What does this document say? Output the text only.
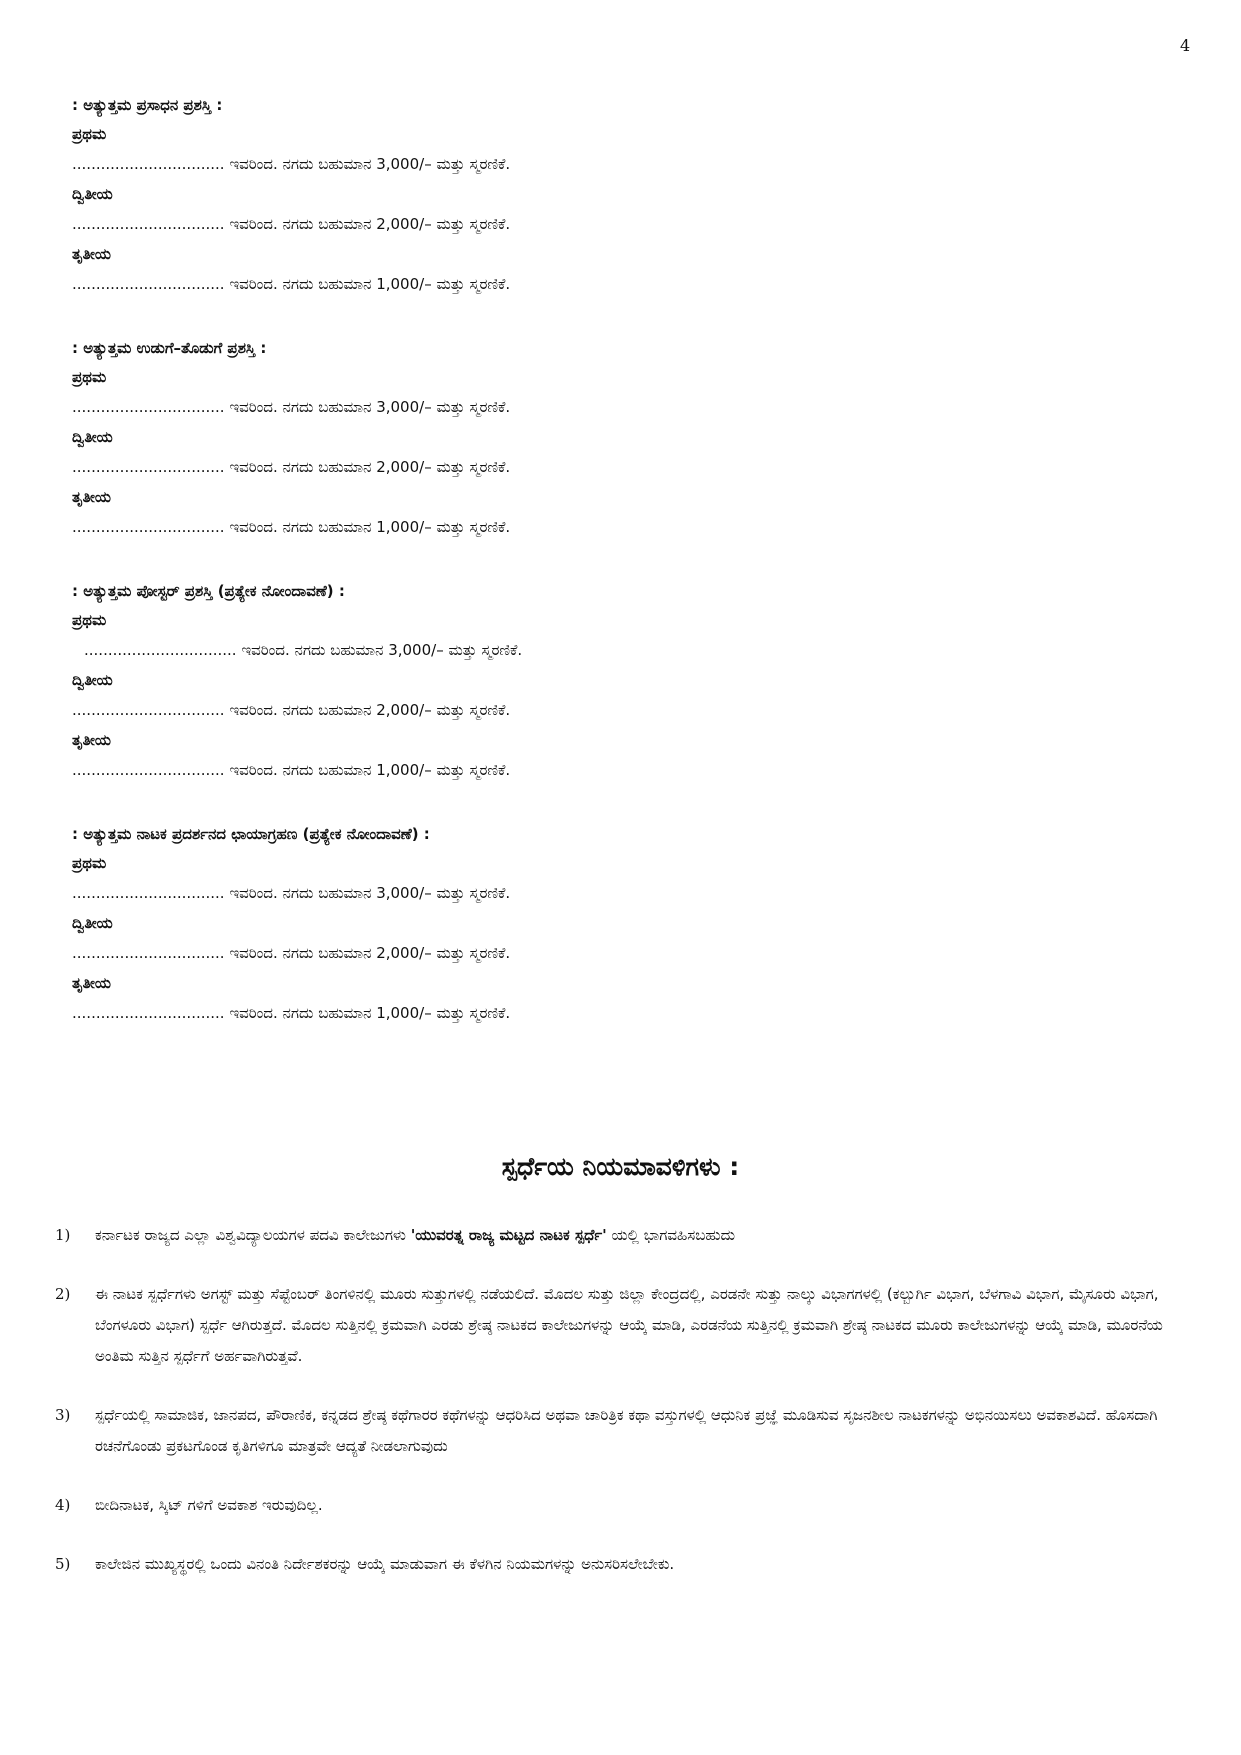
4
: ಅತ್ಯುತ್ತಮ ಪ್ರಸಾಧನ ಪ್ರಶಸ್ತಿ :
ಪ್ರಥಮ
................................ ಇವರಿಂದ. ನಗದು ಬಹುಮಾನ 3,000/– ಮತ್ತು ಸ್ಮರಣಿಕೆ.
ದ್ವಿತೀಯ
................................ ಇವರಿಂದ. ನಗದು ಬಹುಮಾನ 2,000/– ಮತ್ತು ಸ್ಮರಣಿಕೆ.
ತೃತೀಯ
................................ ಇವರಿಂದ. ನಗದು ಬಹುಮಾನ 1,000/– ಮತ್ತು ಸ್ಮರಣಿಕೆ.
: ಅತ್ಯುತ್ತಮ ಉಡುಗೆ–ತೊಡುಗೆ ಪ್ರಶಸ್ತಿ :
ಪ್ರಥಮ
................................ ಇವರಿಂದ. ನಗದು ಬಹುಮಾನ 3,000/– ಮತ್ತು ಸ್ಮರಣಿಕೆ.
ದ್ವಿತೀಯ
................................ ಇವರಿಂದ. ನಗದು ಬಹುಮಾನ 2,000/– ಮತ್ತು ಸ್ಮರಣಿಕೆ.
ತೃತೀಯ
................................ ಇವರಿಂದ. ನಗದು ಬಹುಮಾನ 1,000/– ಮತ್ತು ಸ್ಮರಣಿಕೆ.
: ಅತ್ಯುತ್ತಮ ಪೋಸ್ಟರ್ ಪ್ರಶಸ್ತಿ (ಪ್ರತ್ಯೇಕ ನೋಂದಾವಣೆ) :
ಪ್ರಥಮ
................................ ಇವರಿಂದ. ನಗದು ಬಹುಮಾನ 3,000/– ಮತ್ತು ಸ್ಮರಣಿಕೆ.
ದ್ವಿತೀಯ
................................ ಇವರಿಂದ. ನಗದು ಬಹುಮಾನ 2,000/– ಮತ್ತು ಸ್ಮರಣಿಕೆ.
ತೃತೀಯ
................................ ಇವರಿಂದ. ನಗದು ಬಹುಮಾನ 1,000/– ಮತ್ತು ಸ್ಮರಣಿಕೆ.
: ಅತ್ಯುತ್ತಮ ನಾಟಕ ಪ್ರದರ್ಶನದ ಛಾಯಾಗ್ರಹಣ (ಪ್ರತ್ಯೇಕ ನೋಂದಾವಣೆ) :
ಪ್ರಥಮ
................................ ಇವರಿಂದ. ನಗದು ಬಹುಮಾನ 3,000/– ಮತ್ತು ಸ್ಮರಣಿಕೆ.
ದ್ವಿತೀಯ
................................ ಇವರಿಂದ. ನಗದು ಬಹುಮಾನ 2,000/– ಮತ್ತು ಸ್ಮರಣಿಕೆ.
ತೃತೀಯ
................................ ಇವರಿಂದ. ನಗದು ಬಹುಮಾನ 1,000/– ಮತ್ತು ಸ್ಮರಣಿಕೆ.
ಸ್ಪರ್ಧೆಯ ನಿಯಮಾವಳಿಗಳು :
1)	ಕರ್ನಾಟಕ ರಾಜ್ಯದ ಎಲ್ಲಾ ವಿಶ್ವವಿದ್ಯಾಲಯಗಳ ಪದವಿ ಕಾಲೇಜುಗಳು 'ಯುವರತ್ನ ರಾಜ್ಯ ಮಟ್ಟದ ನಾಟಕ ಸ್ಪರ್ಧೆ' ಯಲ್ಲಿ ಭಾಗವಹಿಸಬಹುದು
2)	ಈ ನಾಟಕ ಸ್ಪರ್ಧೆಗಳು ಅಗಸ್ಟ್ ಮತ್ತು ಸೆಪ್ಟೆಂಬರ್ ತಿಂಗಳಿನಲ್ಲಿ ಮೂರು ಸುತ್ತುಗಳಲ್ಲಿ ನಡೆಯಲಿದೆ. ಮೊದಲ ಸುತ್ತು ಜಿಲ್ಲಾ ಕೇಂದ್ರದಲ್ಲಿ, ಎರಡನೇ ಸುತ್ತು ನಾಲ್ಕು ವಿಭಾಗಗಳಲ್ಲಿ (ಕಲ್ಬುರ್ಗಿ ವಿಭಾಗ, ಬೆಳಗಾವಿ ವಿಭಾಗ, ಮೈಸೂರು ವಿಭಾಗ, ಬೆಂಗಳೂರು ವಿಭಾಗ) ಸ್ಪರ್ಧೆ ಆಗಿರುತ್ತದೆ. ಮೊದಲ ಸುತ್ತಿನಲ್ಲಿ ಕ್ರಮವಾಗಿ ಎರಡು ಶ್ರೇಷ್ಠ ನಾಟಕದ ಕಾಲೇಜುಗಳನ್ನು ಆಯ್ಕೆ ಮಾಡಿ, ಎರಡನೆಯ ಸುತ್ತಿನಲ್ಲಿ ಕ್ರಮವಾಗಿ ಶ್ರೇಷ್ಠ ನಾಟಕದ ಮೂರು ಕಾಲೇಜುಗಳನ್ನು ಆಯ್ಕೆ ಮಾಡಿ, ಮೂರನೆಯ ಅಂತಿಮ ಸುತ್ತಿನ ಸ್ಪರ್ಧೆಗೆ ಅರ್ಹವಾಗಿರುತ್ತವೆ.
3)	ಸ್ಪರ್ಧೆಯಲ್ಲಿ ಸಾಮಾಜಿಕ, ಜಾನಪದ, ಪೌರಾಣಿಕ, ಕನ್ನಡದ ಶ್ರೇಷ್ಠ ಕಥೆಗಾರರ ಕಥೆಗಳನ್ನು ಆಧರಿಸಿದ ಅಥವಾ ಚಾರಿತ್ರಿಕ ಕಥಾ ವಸ್ತುಗಳಲ್ಲಿ ಆಧುನಿಕ ಪ್ರಜ್ಞೆ ಮೂಡಿಸುವ ಸೃಜನಶೀಲ ನಾಟಕಗಳನ್ನು ಅಭಿನಯಿಸಲು ಅವಕಾಶವಿದೆ. ಹೊಸದಾಗಿ ರಚನೆಗೊಂಡು ಪ್ರಕಟಗೊಂಡ ಕೃತಿಗಳಿಗೂ ಮಾತ್ರವೇ ಆದ್ಯತೆ ನೀಡಲಾಗುವುದು
4)	ಬೀದಿನಾಟಕ, ಸ್ಕಿಟ್ ಗಳಿಗೆ ಅವಕಾಶ ಇರುವುದಿಲ್ಲ.
5)	ಕಾಲೇಜಿನ ಮುಖ್ಯಸ್ಥರಲ್ಲಿ ಒಂದು ವಿನಂತಿ ನಿರ್ದೇಶಕರನ್ನು ಆಯ್ಕೆ ಮಾಡುವಾಗ ಈ ಕೆಳಗಿನ ನಿಯಮಗಳನ್ನು ಅನುಸರಿಸಲೇಬೇಕು.
